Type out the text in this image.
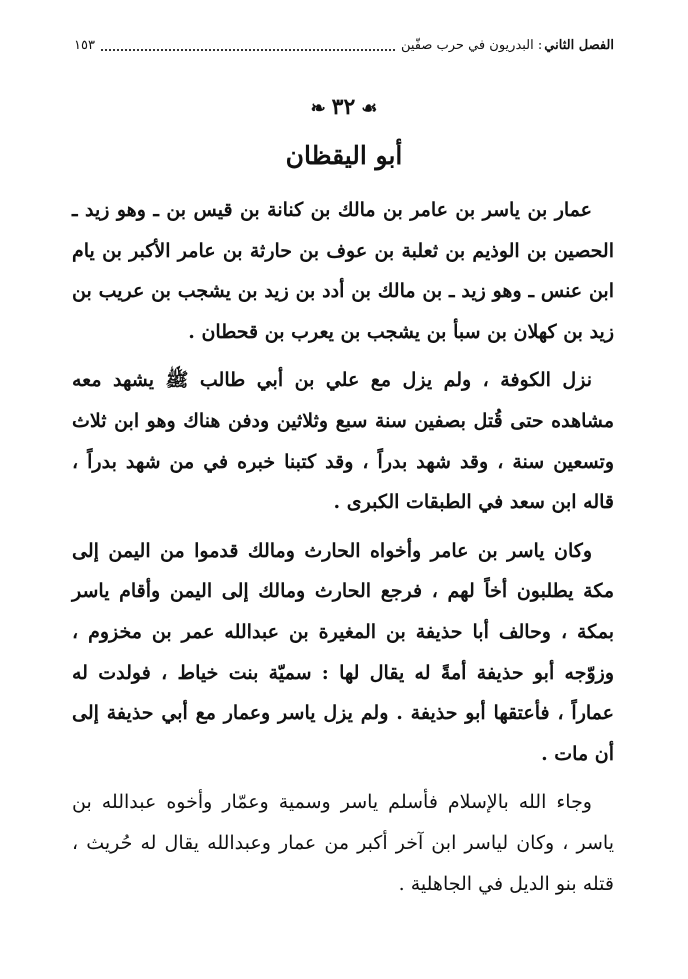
الفصل الثاني
: البدريون في حرب صفّين
١٥٣
☙٣٢❧
أبو اليقظان

عمار بن ياسر بن عامر بن مالك بن كنانة بن قيس بن ـ وهو زيد ـ الحصين بن الوذيم بن ثعلبة بن عوف بن حارثة بن عامر الأكبر بن يام ابن عنس ـ وهو زيد ـ بن مالك بن أدد بن زيد بن يشجب بن عريب بن زيد بن كهلان بن سبأ بن يشجب بن يعرب بن قحطان .

نزل الكوفة ، ولم يزل مع علي بن أبي طالب ﷺ يشهد معه مشاهده حتى قُتل بصفين سنة سبع وثلاثين ودفن هناك وهو ابن ثلاث وتسعين سنة ، وقد شهد بدراً ، وقد كتبنا خبره في من شهد بدراً ، قاله ابن سعد في الطبقات الكبرى .

وكان ياسر بن عامر وأخواه الحارث ومالك قدموا من اليمن إلى مكة يطلبون أخاً لهم ، فرجع الحارث ومالك إلى اليمن وأقام ياسر بمكة ، وحالف أبا حذيفة بن المغيرة بن عبدالله عمر بن مخزوم ، وزوّجه أبو حذيفة أمةً له يقال لها : سميّة بنت خياط ، فولدت له عماراً ، فأعتقها أبو حذيفة . ولم يزل ياسر وعمار مع أبي حذيفة إلى أن مات .

وجاء الله بالإسلام فأسلم ياسر وسمية وعمّار وأخوه عبدالله بن ياسر ، وكان لياسر ابن آخر أكبر من عمار وعبدالله يقال له حُريث ، قتله بنو الديل في الجاهلية .
